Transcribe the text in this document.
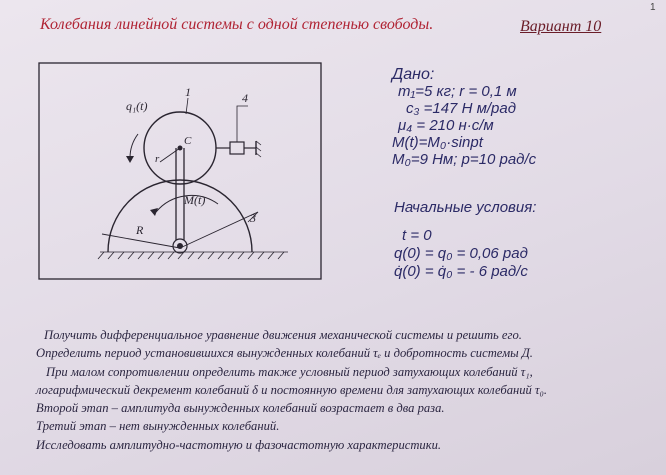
1
Колебания линейной системы с одной степенью свободы.	Вариант 10
q₁(t)
1	4
C
r
M(t)
3
R
Дано:
m₁=5 кг; r = 0,1 м
c₃ =147 Н м/рад
μ₄ = 210 н·с/м
M(t)=M₀·sinpt
M₀=9 Нм; p=10 рад/с
Начальные условия:
t = 0
q(0) = q₀ = 0,06 рад
q̇(0) = q̇₀ = - 6 рад/с
Получить дифференциальное уравнение движения механической системы и решить его.
Определить период установившихся вынужденных колебаний τₑ и добротность системы Д.
При малом сопротивлении определить также условный период затухающих колебаний τ₁,
логарифмический декремент колебаний δ и постоянную времени для затухающих колебаний τ₀.
Второй этап – амплитуда вынужденных колебаний возрастает в два раза.
Третий этап – нет вынужденных колебаний.
Исследовать амплитудно-частотную и фазочастотную характеристики.
